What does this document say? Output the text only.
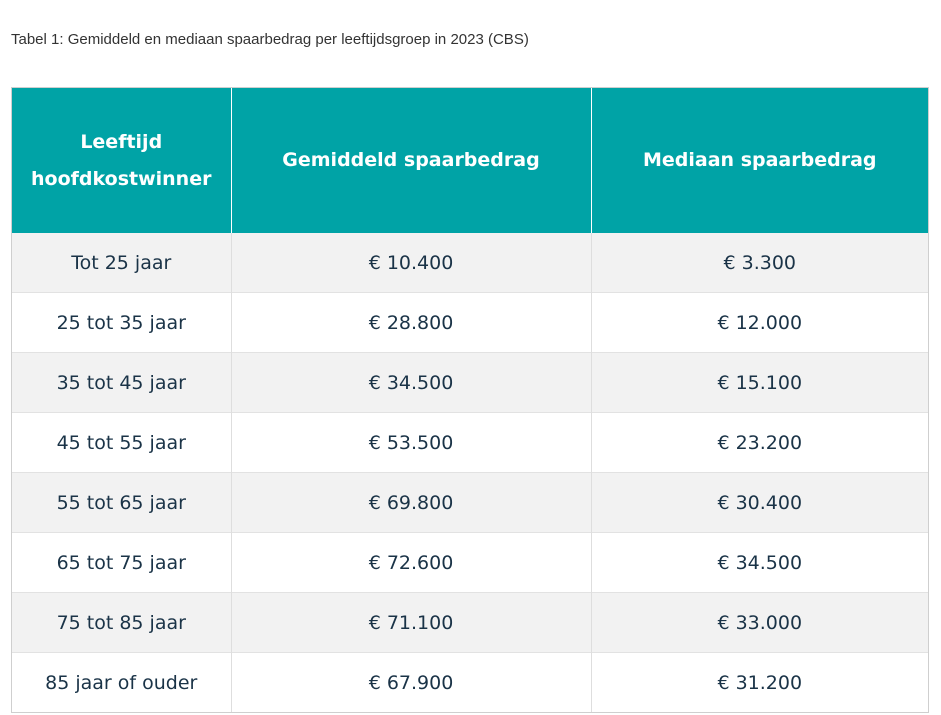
Tabel 1: Gemiddeld en mediaan spaarbedrag per leeftijdsgroep in 2023 (CBS)
Leeftijd hoofdkostwinner	Gemiddeld spaarbedrag	Mediaan spaarbedrag
Tot 25 jaar	€ 10.400	€ 3.300
25 tot 35 jaar	€ 28.800	€ 12.000
35 tot 45 jaar	€ 34.500	€ 15.100
45 tot 55 jaar	€ 53.500	€ 23.200
55 tot 65 jaar	€ 69.800	€ 30.400
65 tot 75 jaar	€ 72.600	€ 34.500
75 tot 85 jaar	€ 71.100	€ 33.000
85 jaar of ouder	€ 67.900	€ 31.200
